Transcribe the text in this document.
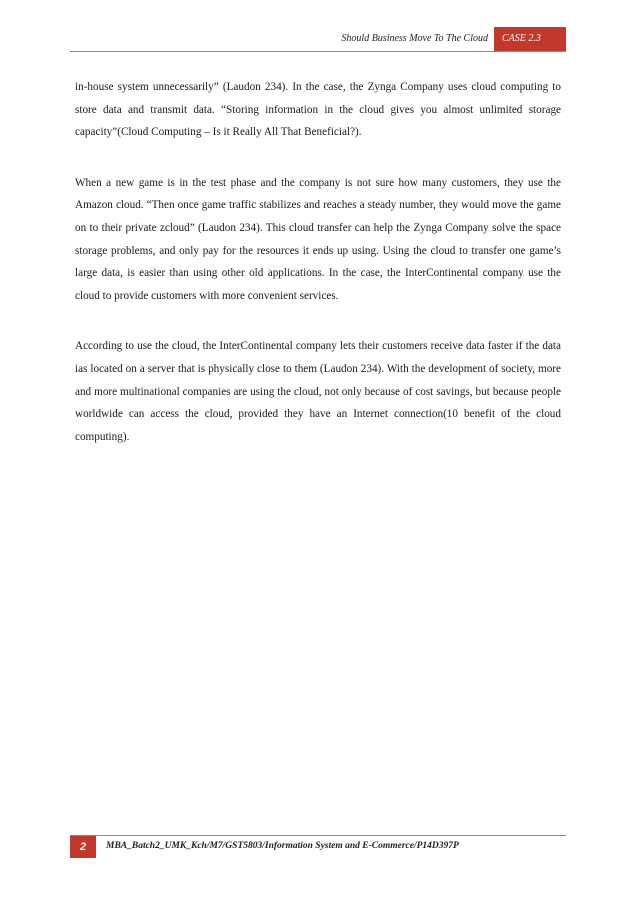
Should Business Move To The Cloud	CASE 2.3

in-house system unnecessarily” (Laudon 234). In the case, the Zynga Company uses cloud computing to store data and transmit data. “Storing information in the cloud gives you almost unlimited storage capacity”(Cloud Computing – Is it Really All That Beneficial?).

When a new game is in the test phase and the company is not sure how many customers, they use the Amazon cloud. “Then once game traffic stabilizes and reaches a steady number, they would move the game on to their private zcloud” (Laudon 234). This cloud transfer can help the Zynga Company solve the space storage problems, and only pay for the resources it ends up using. Using the cloud to transfer one game’s large data, is easier than using other old applications. In the case, the InterContinental company use the cloud to provide customers with more convenient services.

According to use the cloud, the InterContinental company lets their customers receive data faster if the data ias located on a server that is physically close to them (Laudon 234). With the development of society, more and more multinational companies are using the cloud, not only because of cost savings, but because people worldwide can access the cloud, provided they have an Internet connection(10 benefit of the cloud computing).

2	MBA_Batch2_UMK_Kch/M7/GST5803/Information System and E-Commerce/P14D397P
